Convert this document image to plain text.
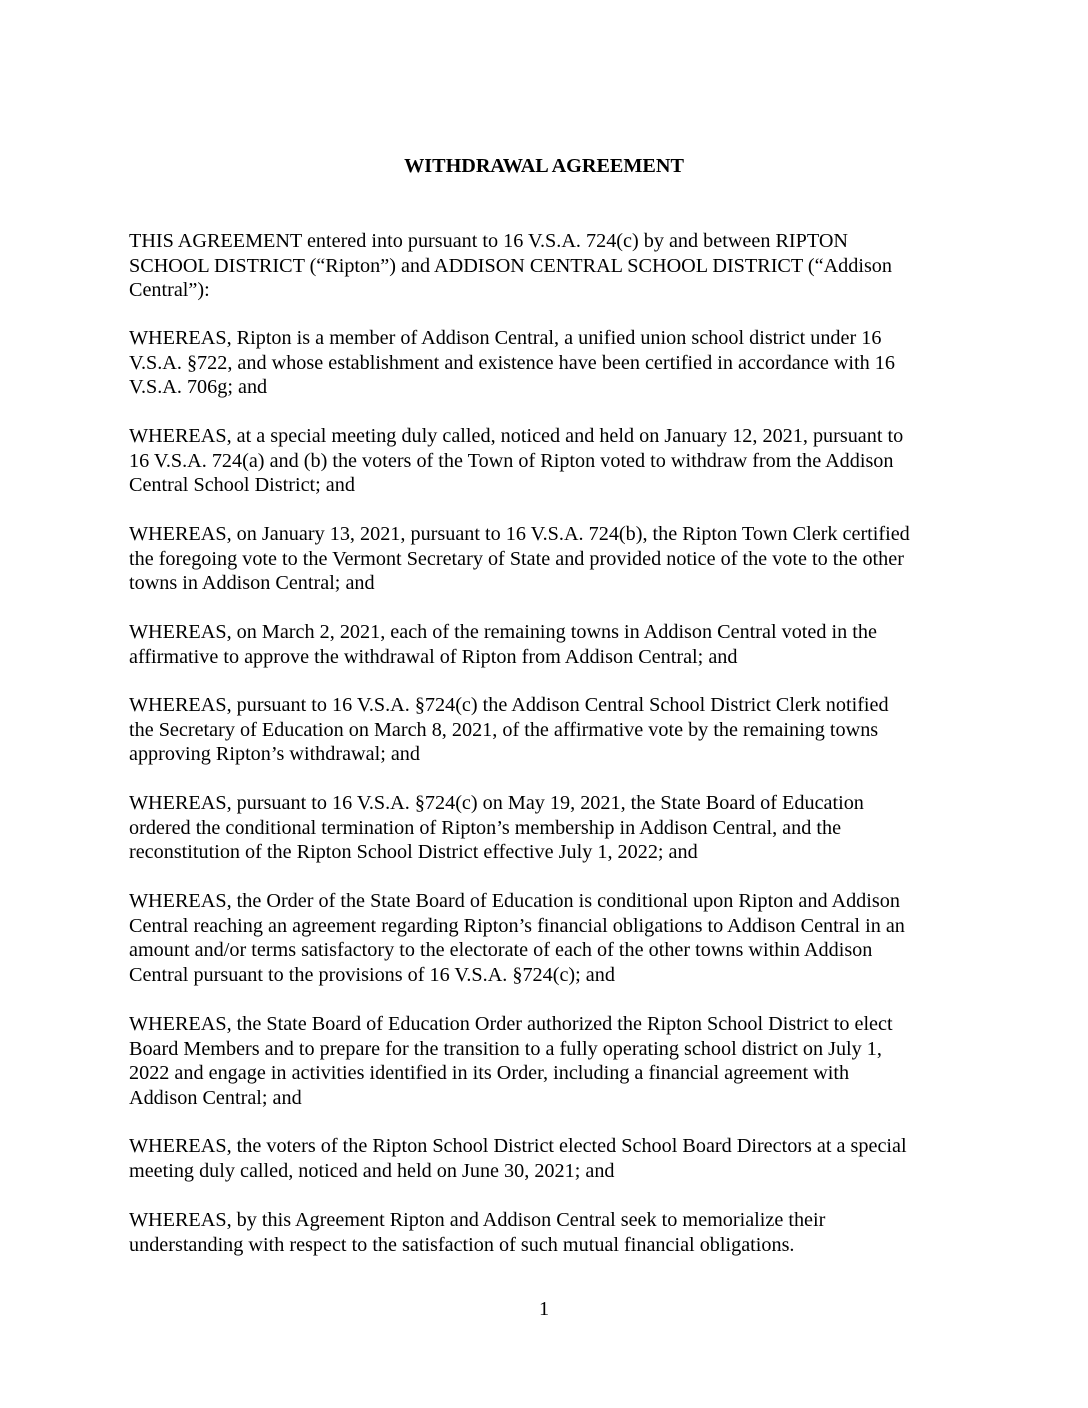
WITHDRAWAL AGREEMENT

THIS AGREEMENT entered into pursuant to 16 V.S.A. 724(c) by and between RIPTON
SCHOOL DISTRICT (“Ripton”) and ADDISON CENTRAL SCHOOL DISTRICT (“Addison
Central”):

WHEREAS, Ripton is a member of Addison Central, a unified union school district under 16
V.S.A. §722, and whose establishment and existence have been certified in accordance with 16
V.S.A. 706g; and

WHEREAS, at a special meeting duly called, noticed and held on January 12, 2021, pursuant to
16 V.S.A. 724(a) and (b) the voters of the Town of Ripton voted to withdraw from the Addison
Central School District; and

WHEREAS, on January 13, 2021, pursuant to 16 V.S.A. 724(b), the Ripton Town Clerk certified
the foregoing vote to the Vermont Secretary of State and provided notice of the vote to the other
towns in Addison Central; and

WHEREAS, on March 2, 2021, each of the remaining towns in Addison Central voted in the
affirmative to approve the withdrawal of Ripton from Addison Central; and

WHEREAS, pursuant to 16 V.S.A. §724(c) the Addison Central School District Clerk notified
the Secretary of Education on March 8, 2021, of the affirmative vote by the remaining towns
approving Ripton’s withdrawal; and

WHEREAS, pursuant to 16 V.S.A. §724(c) on May 19, 2021, the State Board of Education
ordered the conditional termination of Ripton’s membership in Addison Central, and the
reconstitution of the Ripton School District effective July 1, 2022; and

WHEREAS, the Order of the State Board of Education is conditional upon Ripton and Addison
Central reaching an agreement regarding Ripton’s financial obligations to Addison Central in an
amount and/or terms satisfactory to the electorate of each of the other towns within Addison
Central pursuant to the provisions of 16 V.S.A. §724(c); and

WHEREAS, the State Board of Education Order authorized the Ripton School District to elect
Board Members and to prepare for the transition to a fully operating school district on July 1,
2022 and engage in activities identified in its Order, including a financial agreement with
Addison Central; and

WHEREAS, the voters of the Ripton School District elected School Board Directors at a special
meeting duly called, noticed and held on June 30, 2021; and

WHEREAS, by this Agreement Ripton and Addison Central seek to memorialize their
understanding with respect to the satisfaction of such mutual financial obligations.

1
